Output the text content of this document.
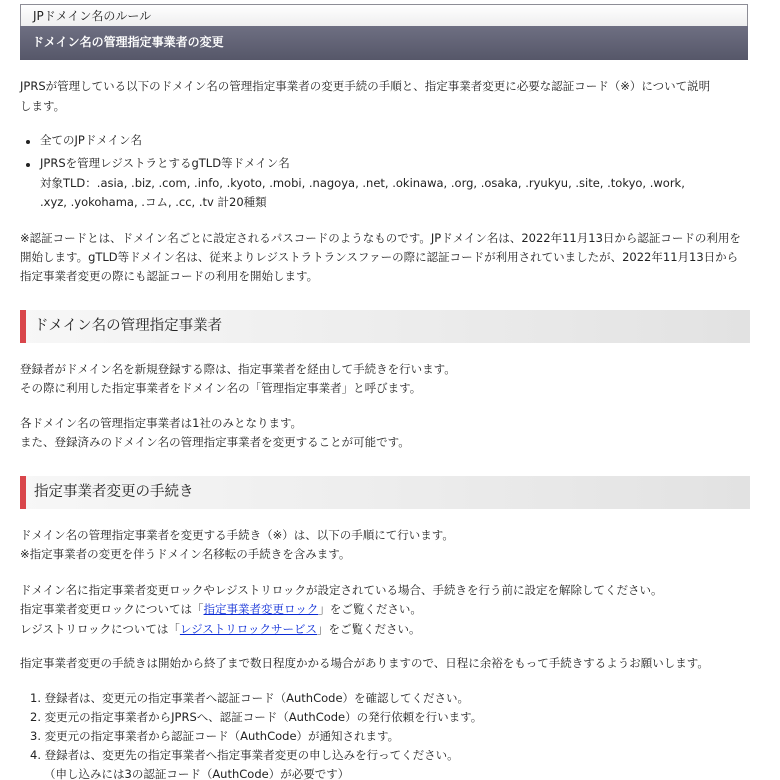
JPドメイン名のルール
ドメイン名の管理指定事業者の変更

JPRSが管理している以下のドメイン名の管理指定事業者の変更手続の手順と、指定事業者変更に必要な認証コード（※）について説明

します。

全てのJPドメイン名

JPRSを管理レジストラとするgTLD等ドメイン名

対象TLD：.asia, .biz, .com, .info, .kyoto, .mobi, .nagoya, .net, .okinawa, .org, .osaka, .ryukyu, .site, .tokyo, .work,

.xyz, .yokohama, .コム, .cc, .tv 計20種類

※認証コードとは、ドメイン名ごとに設定されるパスコードのようなものです。JPドメイン名は、2022年11月13日から認証コードの利用を

開始します。gTLD等ドメイン名は、従来よりレジストラトランスファーの際に認証コードが利用されていましたが、2022年11月13日から

指定事業者変更の際にも認証コードの利用を開始します。

ドメイン名の管理指定事業者

登録者がドメイン名を新規登録する際は、指定事業者を経由して手続きを行います。

その際に利用した指定事業者をドメイン名の「管理指定事業者」と呼びます。

各ドメイン名の管理指定事業者は1社のみとなります。

また、登録済みのドメイン名の管理指定事業者を変更することが可能です。

指定事業者変更の手続き

ドメイン名の管理指定事業者を変更する手続き（※）は、以下の手順にて行います。

※指定事業者の変更を伴うドメイン名移転の手続きを含みます。

ドメイン名に指定事業者変更ロックやレジストリロックが設定されている場合、手続きを行う前に設定を解除してください。

指定事業者変更ロックについては「指定事業者変更ロック」をご覧ください。

レジストリロックについては「レジストリロックサービス」をご覧ください。

指定事業者変更の手続きは開始から終了まで数日程度かかる場合がありますので、日程に余裕をもって手続きするようお願いします。

1. 登録者は、変更元の指定事業者へ認証コード（AuthCode）を確認してください。

2. 変更元の指定事業者からJPRSへ、認証コード（AuthCode）の発行依頼を行います。

3. 変更元の指定事業者から認証コード（AuthCode）が通知されます。

4. 登録者は、変更先の指定事業者へ指定事業者変更の申し込みを行ってください。

（申し込みには3の認証コード（AuthCode）が必要です）
